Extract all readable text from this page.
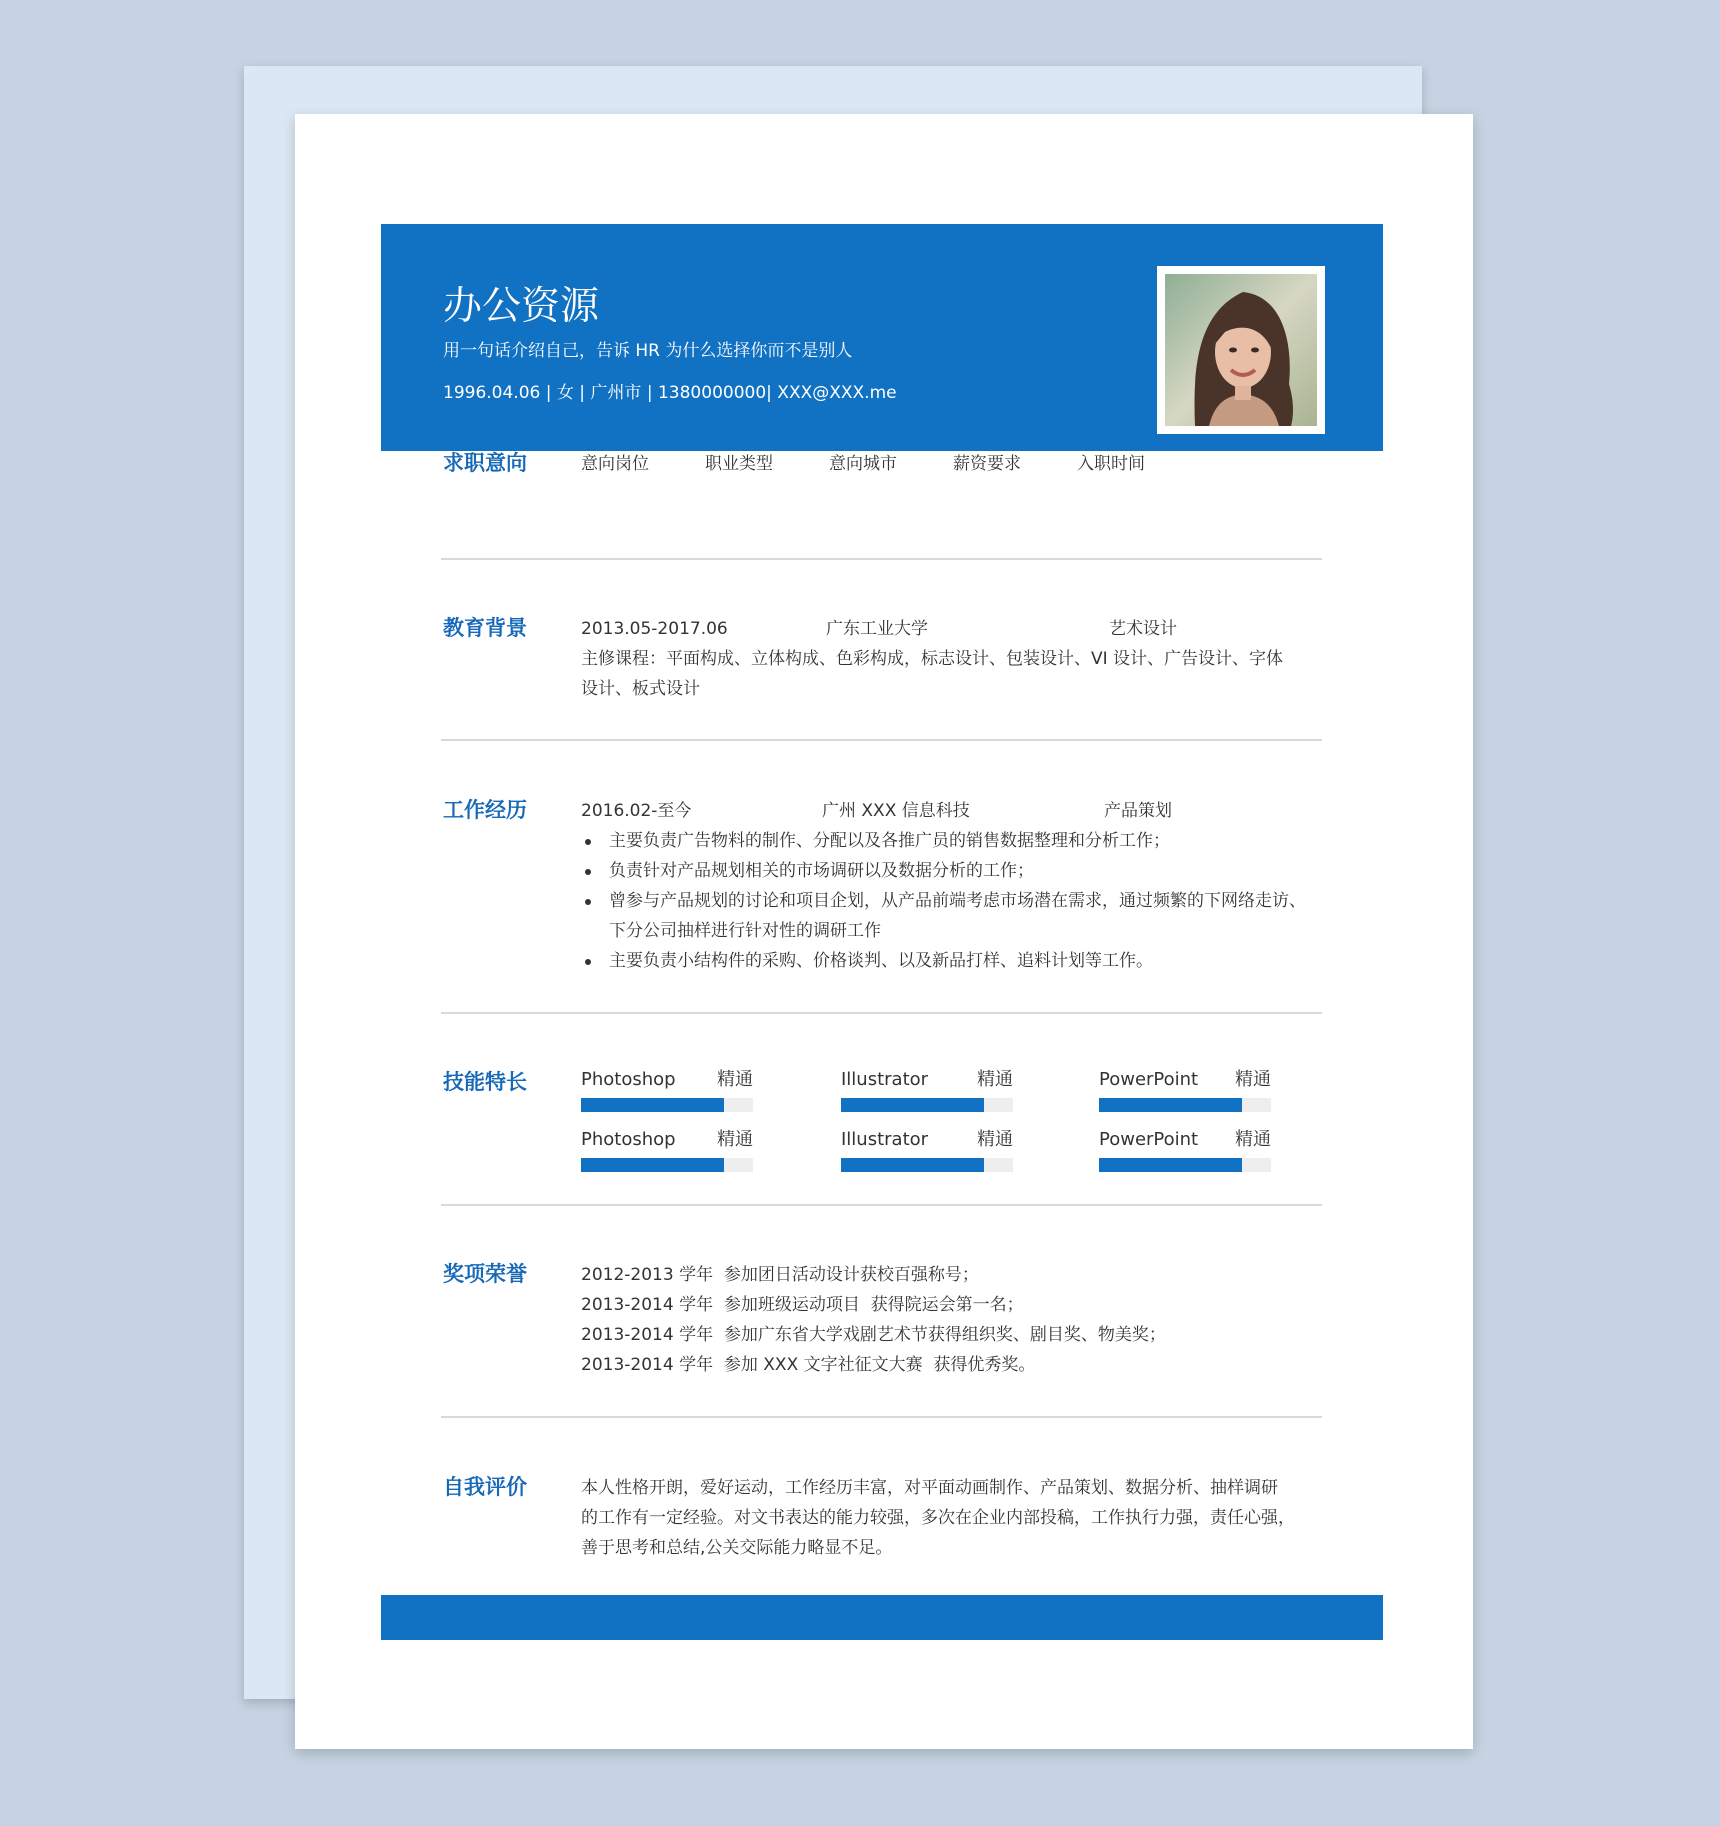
办公资源
用一句话介绍自己，告诉 HR 为什么选择你而不是别人
1996.04.06 | 女 | 广州市 | 1380000000| XXX@XXX.me
求职意向	意向岗位	职业类型	意向城市	薪资要求	入职时间
教育背景	2013.05-2017.06	广东工业大学	艺术设计
主修课程：平面构成、立体构成、色彩构成，标志设计、包装设计、VI 设计、广告设计、字体
设计、板式设计
工作经历	2016.02-至今	广州 XXX 信息科技	产品策划
主要负责广告物料的制作、分配以及各推广员的销售数据整理和分析工作；
负责针对产品规划相关的市场调研以及数据分析的工作；
曾参与产品规划的讨论和项目企划，从产品前端考虑市场潜在需求，通过频繁的下网络走访、下分公司抽样进行针对性的调研工作
主要负责小结构件的采购、价格谈判、以及新品打样、追料计划等工作。
技能特长	Photoshop 精通	Illustrator	精通	PowerPoint 精通
Photoshop 精通	Illustrator	精通	PowerPoint 精通
奖项荣誉	2012-2013 学年  参加团日活动设计获校百强称号；
2013-2014 学年  参加班级运动项目  获得院运会第一名；
2013-2014 学年  参加广东省大学戏剧艺术节获得组织奖、剧目奖、物美奖；
2013-2014 学年  参加 XXX 文字社征文大赛  获得优秀奖。
自我评价	本人性格开朗，爱好运动，工作经历丰富，对平面动画制作、产品策划、数据分析、抽样调研
的工作有一定经验。对文书表达的能力较强，多次在企业内部投稿，工作执行力强，责任心强，
善于思考和总结,公关交际能力略显不足。
